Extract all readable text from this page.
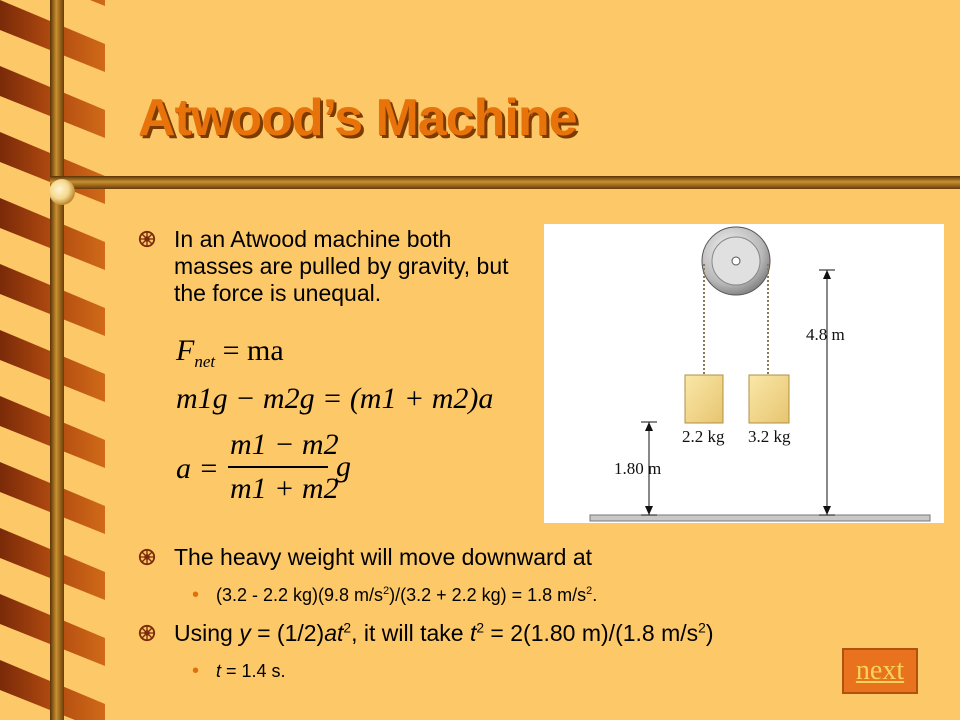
Atwood’s Machine
In an Atwood machine both masses are pulled by gravity, but the force is unequal.
$F_{net}$ = ma
m1g − m2g = (m1 + m2)a
a =
m1 − m2
m1 + m2
g
2.2 kg 3.2 kg
1.80 m
4.8 m
The heavy weight will move downward at
• (3.2 - 2.2 kg)(9.8 $m/s^2)/(3.2 + 2.2$ kg) = 1.8 $m/s^2$.
Using $y = (1/2)at^2$, it will take $t^2 = 2(1.80$ m)/(1.8 $m/s^2$)
• t = 1.4 s.	next
